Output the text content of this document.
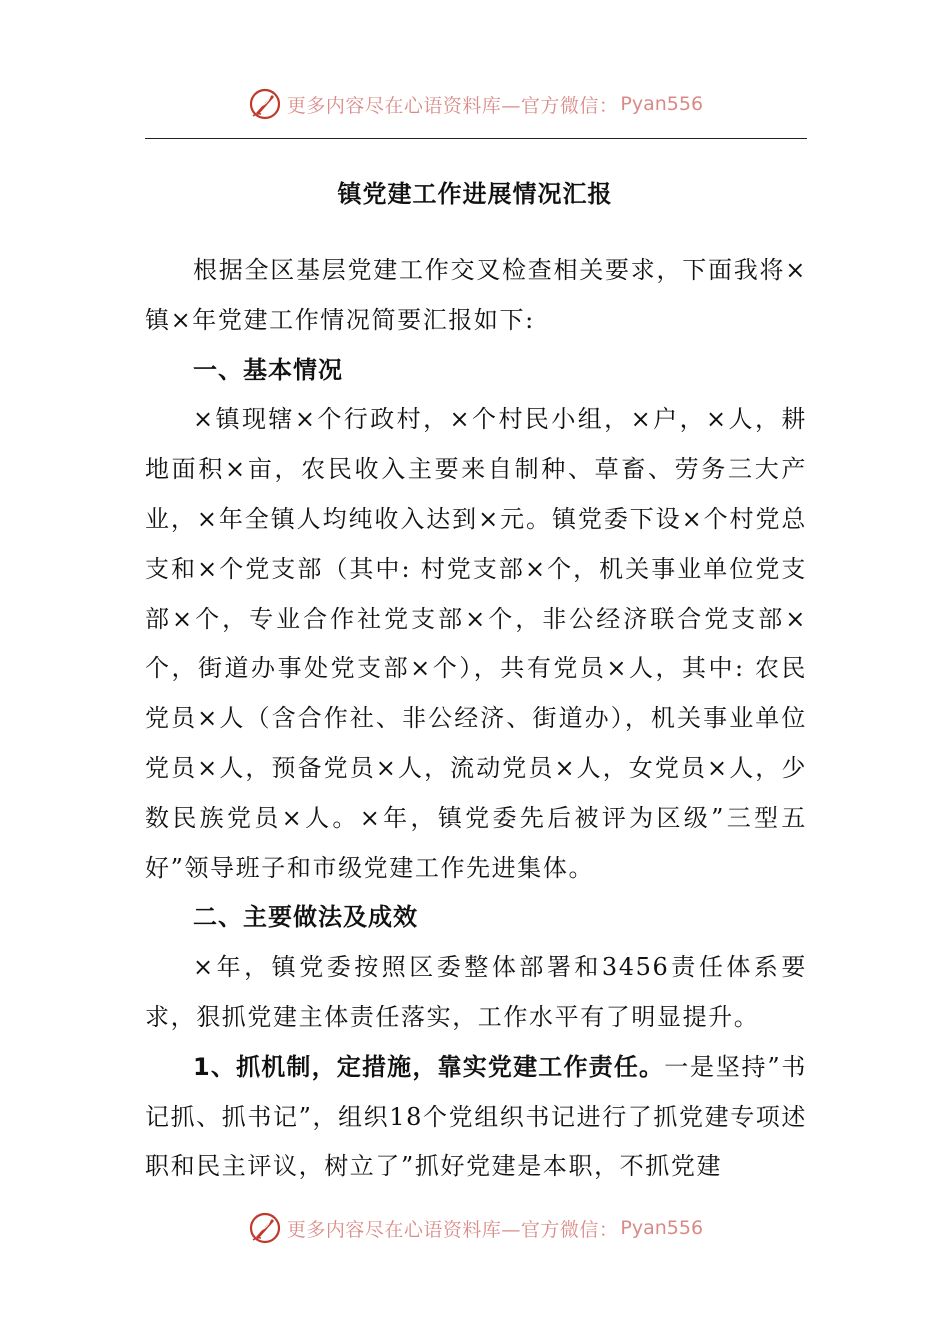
更多内容尽在心语资料库—官方微信： Pyan556
镇党建工作进展情况汇报

根据全区基层党建工作交叉检查相关要求，下面我将×镇×年党建工作情况简要汇报如下:

一、基本情况

×镇现辖×个行政村，×个村民小组，×户，×人，耕地面积×亩，农民收入主要来自制种、草畜、劳务三大产业，×年全镇人均纯收入达到×元。镇党委下设×个村党总支和×个党支部（其中: 村党支部×个，机关事业单位党支部×个，专业合作社党支部×个，非公经济联合党支部×个，街道办事处党支部×个），共有党员×人，其中: 农民党员×人（含合作社、非公经济、街道办），机关事业单位党员×人，预备党员×人，流动党员×人，女党员×人，少数民族党员×人。×年，镇党委先后被评为区级”三型五好”领导班子和市级党建工作先进集体。

二、主要做法及成效

×年，镇党委按照区委整体部署和3456责任体系要求，狠抓党建主体责任落实，工作水平有了明显提升。

1、抓机制，定措施，靠实党建工作责任。一是坚持”书记抓、抓书记”，组织18个党组织书记进行了抓党建专项述职和民主评议，树立了”抓好党建是本职，不抓党建

更多内容尽在心语资料库—官方微信： Pyan556
